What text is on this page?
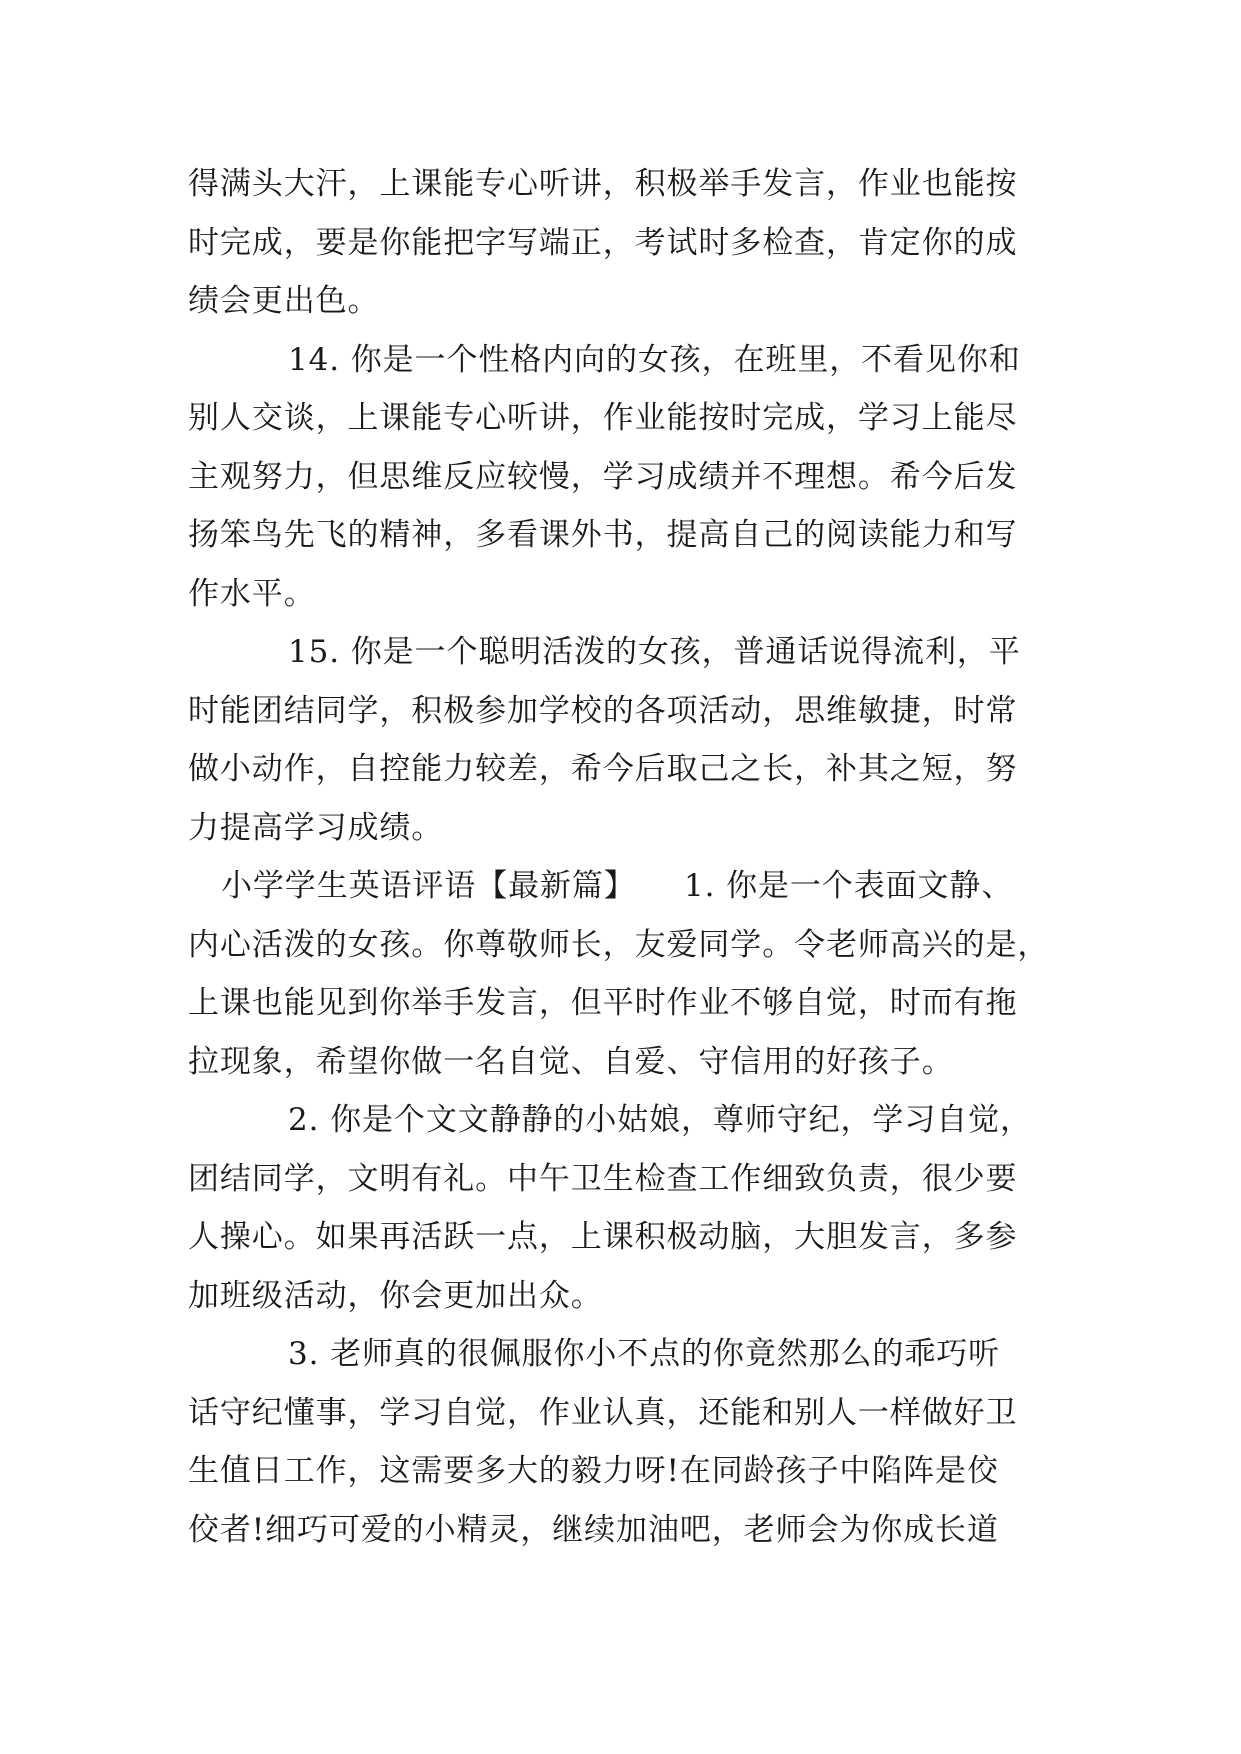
得满头大汗，上课能专心听讲，积极举手发言，作业也能按
时完成，要是你能把字写端正，考试时多检查，肯定你的成
绩会更出色。
14. 你是一个性格内向的女孩，在班里，不看见你和
别人交谈，上课能专心听讲，作业能按时完成，学习上能尽
主观努力，但思维反应较慢，学习成绩并不理想。希今后发
扬笨鸟先飞的精神，多看课外书，提高自己的阅读能力和写
作水平。
15. 你是一个聪明活泼的女孩，普通话说得流利，平
时能团结同学，积极参加学校的各项活动，思维敏捷，时常
做小动作，自控能力较差，希今后取己之长，补其之短，努
力提高学习成绩。
小学学生英语评语【最新篇】　　1. 你是一个表面文静、
内心活泼的女孩。你尊敬师长，友爱同学。令老师高兴的是，
上课也能见到你举手发言，但平时作业不够自觉，时而有拖
拉现象，希望你做一名自觉、自爱、守信用的好孩子。
2. 你是个文文静静的小姑娘，尊师守纪，学习自觉，
团结同学，文明有礼。中午卫生检查工作细致负责，很少要
人操心。如果再活跃一点，上课积极动脑，大胆发言，多参
加班级活动，你会更加出众。
3. 老师真的很佩服你小不点的你竟然那么的乖巧听
话守纪懂事，学习自觉，作业认真，还能和别人一样做好卫
生值日工作，这需要多大的毅力呀!在同龄孩子中陷阵是佼
佼者!细巧可爱的小精灵，继续加油吧，老师会为你成长道
